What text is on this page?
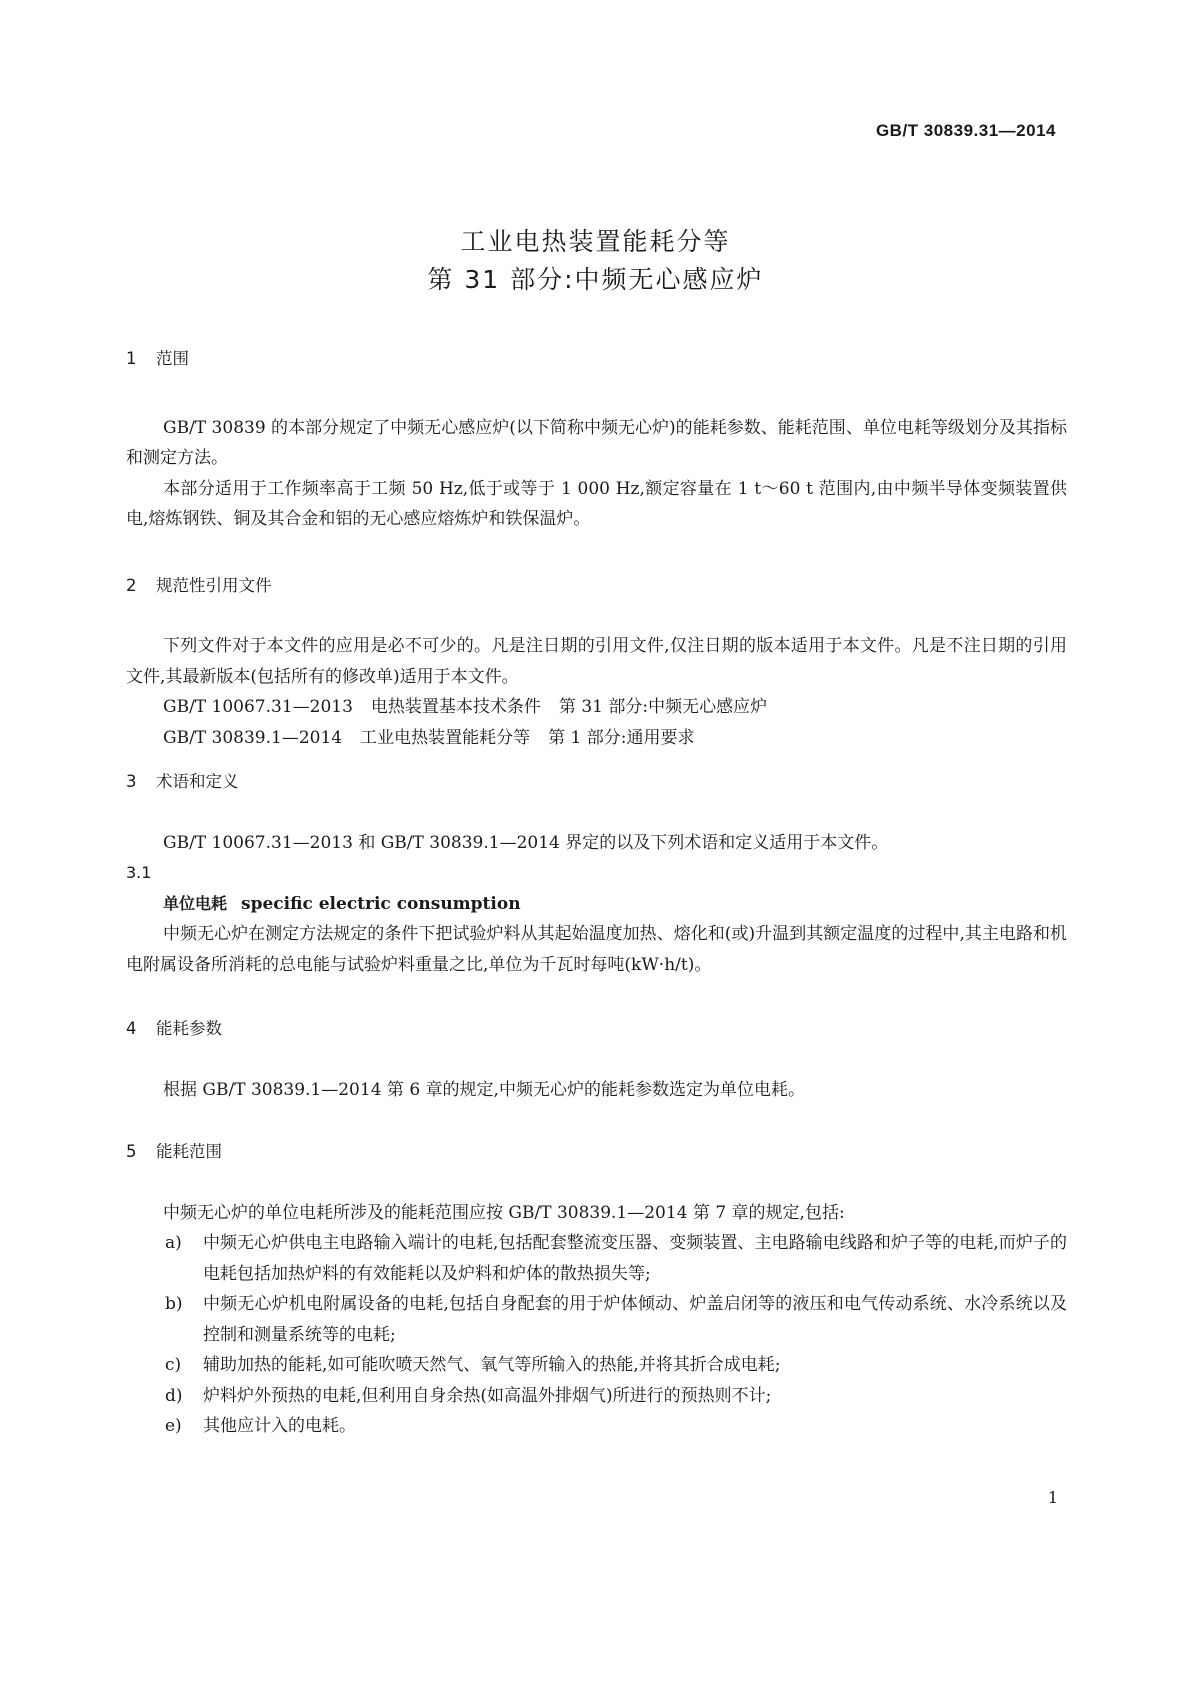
GB/T 30839.31—2014
工业电热装置能耗分等
第 31 部分:中频无心感应炉
1 范围

GB/T 30839 的本部分规定了中频无心感应炉(以下简称中频无心炉)的能耗参数、能耗范围、单位电耗等级划分及其指标和测定方法。

本部分适用于工作频率高于工频 50 Hz,低于或等于 1 000 Hz,额定容量在 1 t～60 t 范围内,由中频半导体变频装置供电,熔炼钢铁、铜及其合金和铝的无心感应熔炼炉和铁保温炉。

2 规范性引用文件

下列文件对于本文件的应用是必不可少的。凡是注日期的引用文件,仅注日期的版本适用于本文件。凡是不注日期的引用文件,其最新版本(包括所有的修改单)适用于本文件。

GB/T 10067.31—2013 电热装置基本技术条件 第 31 部分:中频无心感应炉

GB/T 30839.1—2014 工业电热装置能耗分等 第 1 部分:通用要求

3 术语和定义

GB/T 10067.31—2013 和 GB/T 30839.1—2014 界定的以及下列术语和定义适用于本文件。

3.1

单位电耗 specific electric consumption

中频无心炉在测定方法规定的条件下把试验炉料从其起始温度加热、熔化和(或)升温到其额定温度的过程中,其主电路和机电附属设备所消耗的总电能与试验炉料重量之比,单位为千瓦时每吨(kW·h/t)。

4 能耗参数

根据 GB/T 30839.1—2014 第 6 章的规定,中频无心炉的能耗参数选定为单位电耗。

5 能耗范围

中频无心炉的单位电耗所涉及的能耗范围应按 GB/T 30839.1—2014 第 7 章的规定,包括:

a)	中频无心炉供电主电路输入端计的电耗,包括配套整流变压器、变频装置、主电路输电线路和炉子等的电耗,而炉子的电耗包括加热炉料的有效能耗以及炉料和炉体的散热损失等;
b)	中频无心炉机电附属设备的电耗,包括自身配套的用于炉体倾动、炉盖启闭等的液压和电气传动系统、水冷系统以及控制和测量系统等的电耗;
c)	辅助加热的能耗,如可能吹喷天然气、氧气等所输入的热能,并将其折合成电耗;
d)	炉料炉外预热的电耗,但利用自身余热(如高温外排烟气)所进行的预热则不计;
e)	其他应计入的电耗。
1
